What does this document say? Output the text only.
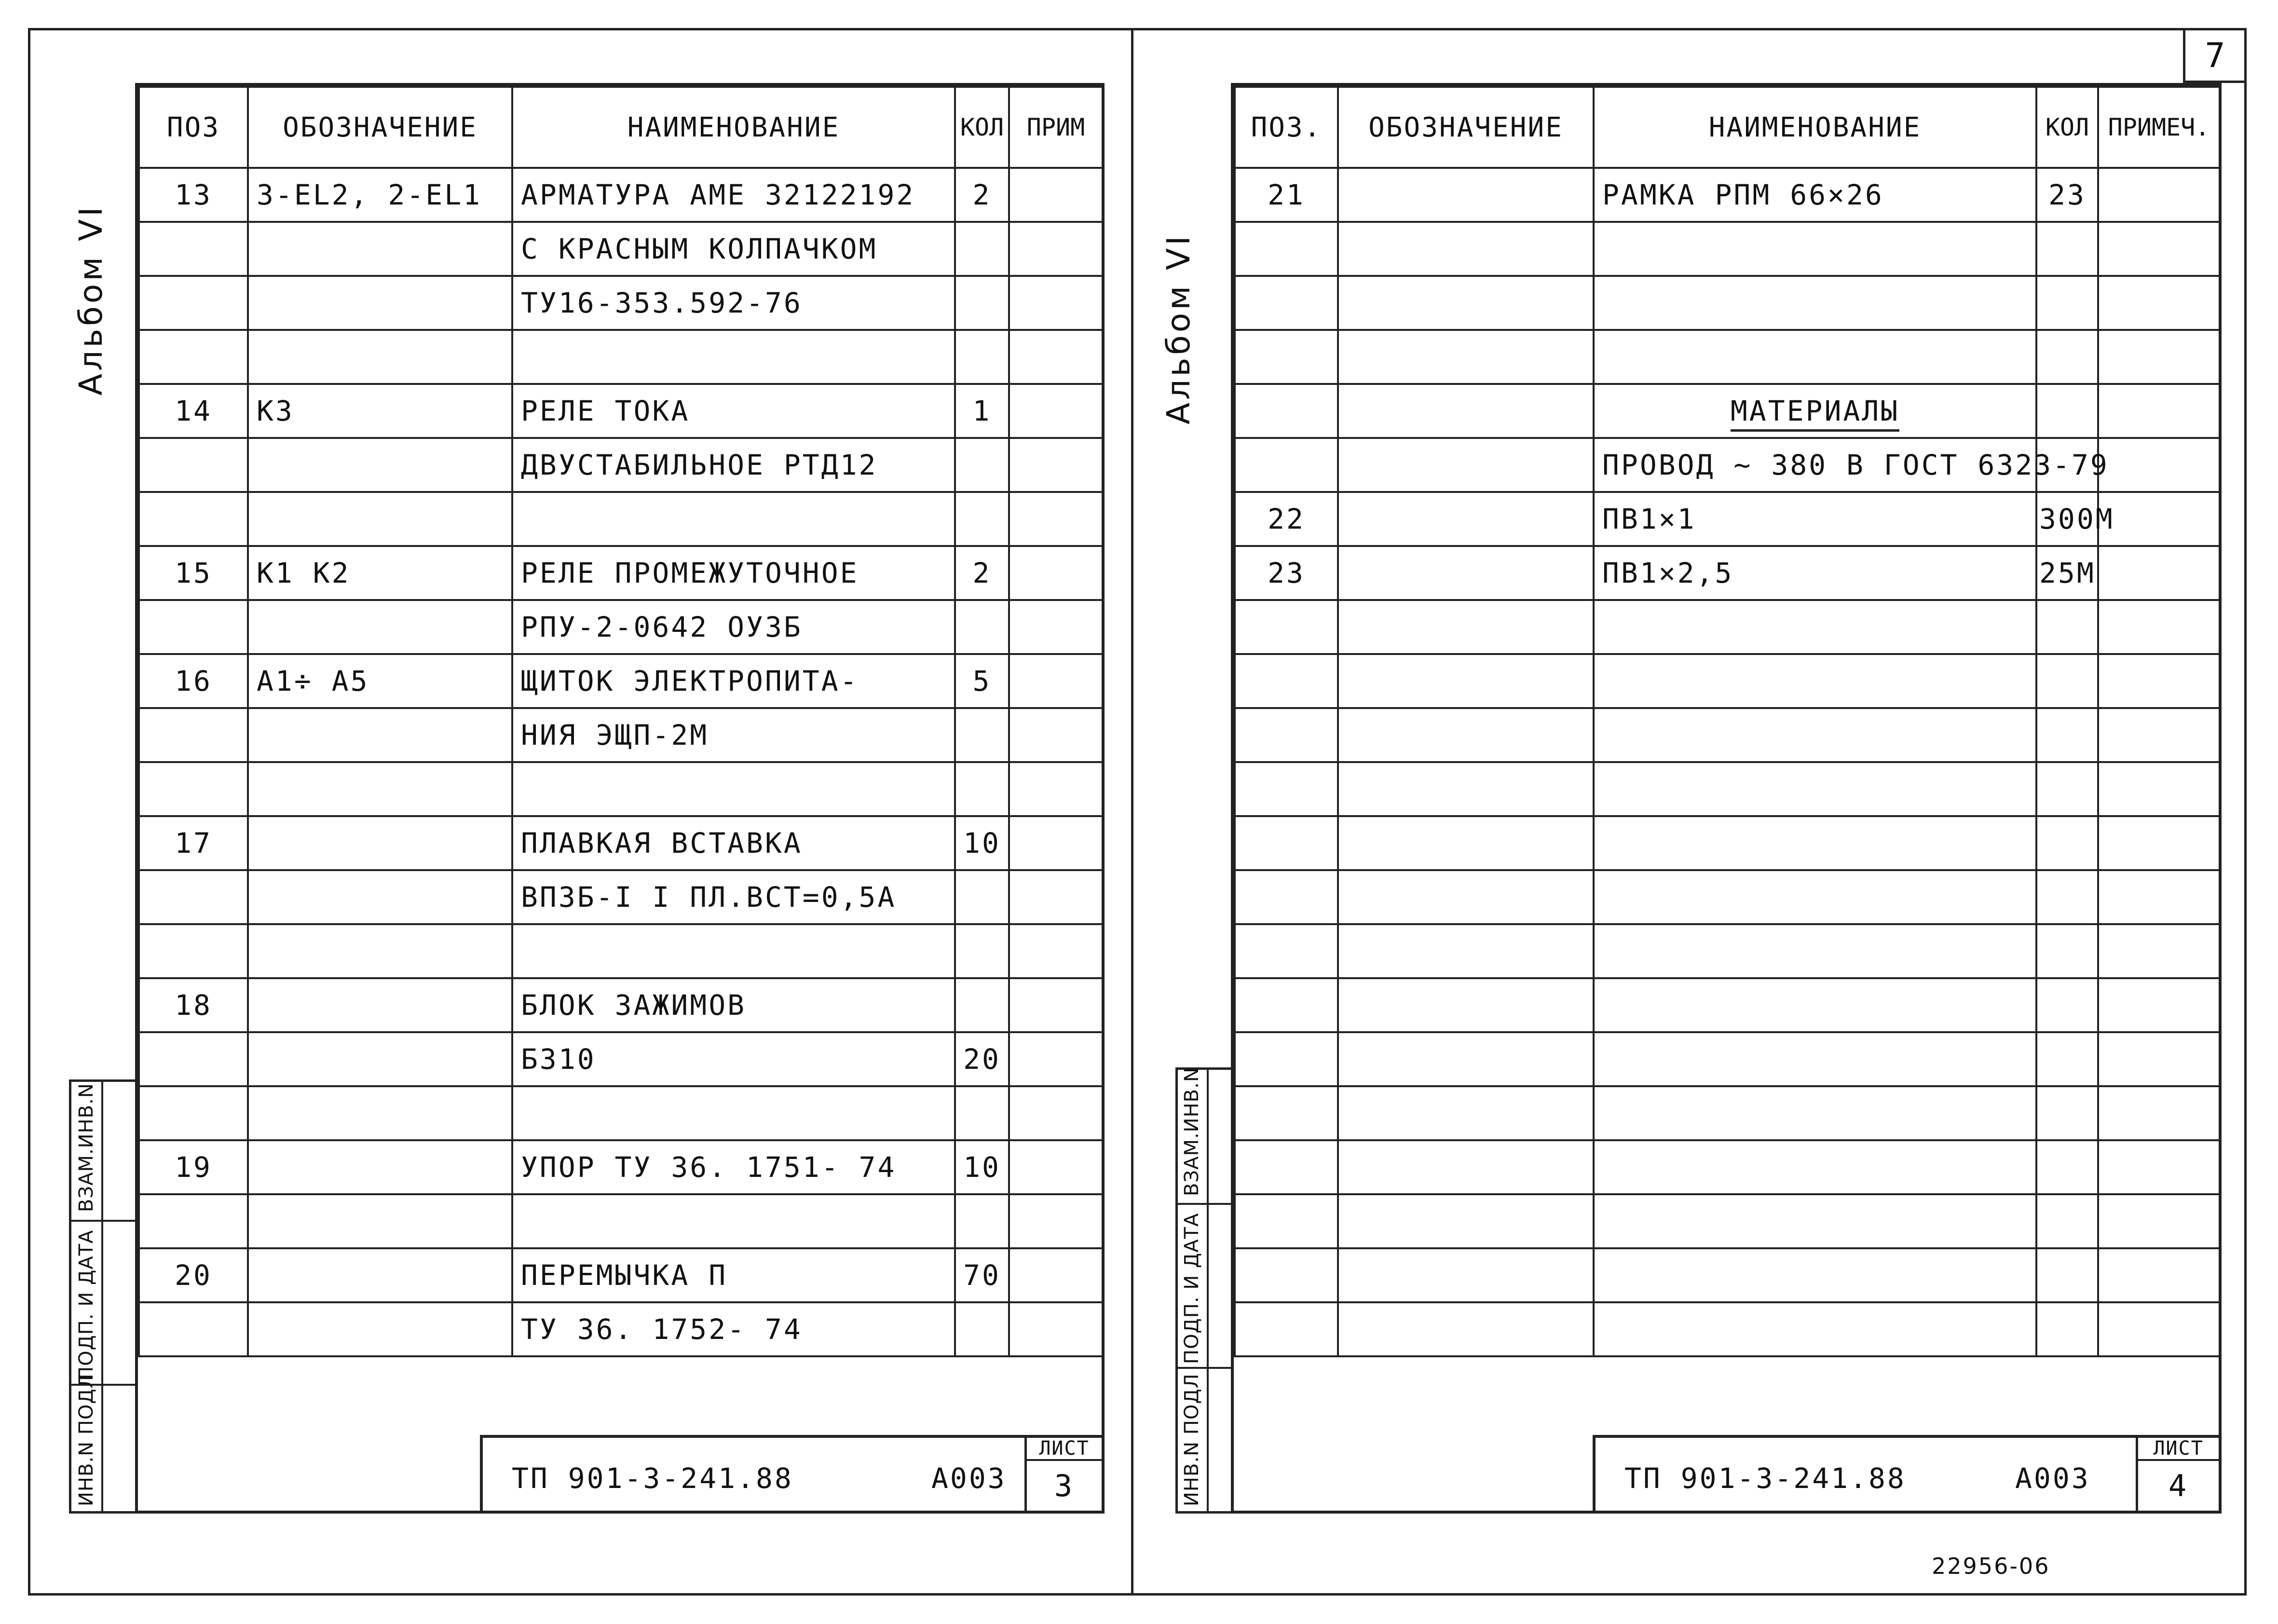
7
Альбом VI	Альбом VI
ПОЗ	ОБОЗНАЧЕНИЕ	НАИМЕНОВАНИЕ	КОЛ	ПРИМ
13	3-EL2, 2-EL1	АРМАТУРА АМЕ 32122192	2	
		С КРАСНЫМ КОЛПАЧКОМ		
		ТУ16-353.592-76		

14	K3	РЕЛЕ ТОКА	1	
		ДВУСТАБИЛЬНОЕ РТД12		

15	K1 K2	РЕЛЕ ПРОМЕЖУТОЧНОЕ	2	
		РПУ-2-0642 ОУ3Б		
16	А1÷ А5	ЩИТОК ЭЛЕКТРОПИТА-	5	
		НИЯ ЭЩП-2М		

17		ПЛАВКАЯ ВСТАВКА	10	
		ВП3Б-I I ПЛ.ВСТ=0,5А		

18		БЛОК ЗАЖИМОВ		
		Б310	20	

19		УПОР ТУ 36. 1751- 74	10	

20		ПЕРЕМЫЧКА П	70	
		ТУ 36. 1752- 74		
ПОЗ.	ОБОЗНАЧЕНИЕ	НАИМЕНОВАНИЕ	КОЛ	ПРИМЕЧ.
21		РАМКА РПМ 66×26	23	

		МАТЕРИАЛЫ		
		ПРОВОД ~ 380 В ГОСТ 6323-79		
22		ПВ1×1	300М	
23		ПВ1×2,5	25М	

ТП 901-3-241.88	А003
ЛИСТ
3	ТП 901-3-241.88	А003
ЛИСТ
4
ВЗАМ.ИНВ.N
ПОДП. И ДАТА
ИНВ.N ПОДЛ
ВЗАМ.ИНВ.N
ПОДП. И ДАТА
ИНВ.N ПОДЛ
22956-06
